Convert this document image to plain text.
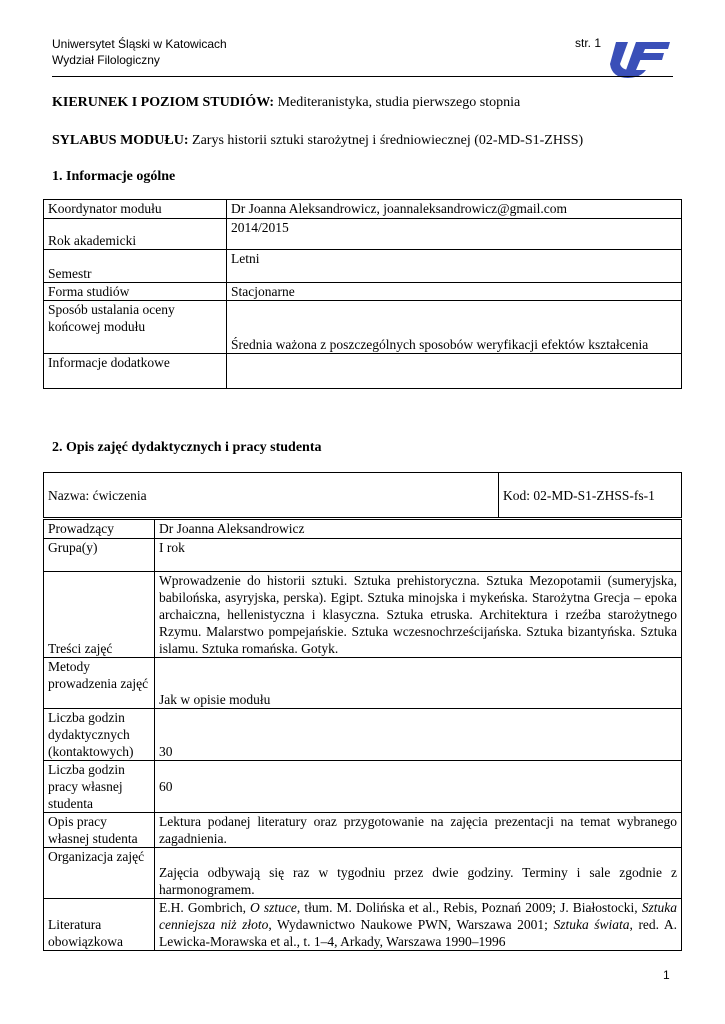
Uniwersytet Śląski w Katowicach
Wydział Filologiczny
str. 1
KIERUNEK I POZIOM STUDIÓW: Mediteranistyka, studia pierwszego stopnia
SYLABUS MODUŁU: Zarys historii sztuki starożytnej i średniowiecznej (02-MD-S1-ZHSS)
1. Informacje ogólne
Koordynator modułu	Dr Joanna Aleksandrowicz, joannaleksandrowicz@gmail.com
Rok akademicki	2014/2015
Semestr	Letni
Forma studiów	Stacjonarne
Sposób ustalania oceny końcowej modułu	Średnia ważona z poszczególnych sposobów weryfikacji efektów kształcenia
Informacje dodatkowe	
2. Opis zajęć dydaktycznych i pracy studenta
Nazwa: ćwiczenia	Kod: 02-MD-S1-ZHSS-fs-1
Prowadzący	Dr Joanna Aleksandrowicz
Grupa(y)	I rok
Treści zajęć	Wprowadzenie do historii sztuki. Sztuka prehistoryczna. Sztuka Mezopotamii (sumeryjska, babilońska, asyryjska, perska). Egipt. Sztuka minojska i mykeńska. Starożytna Grecja – epoka archaiczna, hellenistyczna i klasyczna. Sztuka etruska. Architektura i rzeźba starożytnego Rzymu. Malarstwo pompejańskie. Sztuka wczesnochrześcijańska. Sztuka bizantyńska. Sztuka islamu. Sztuka romańska. Gotyk.
Metody prowadzenia zajęć	Jak w opisie modułu
Liczba godzin dydaktycznych (kontaktowych)	30
Liczba godzin pracy własnej studenta	60
Opis pracy własnej studenta	Lektura podanej literatury oraz przygotowanie na zajęcia prezentacji na temat wybranego zagadnienia.
Organizacja zajęć	Zajęcia odbywają się raz w tygodniu przez dwie godziny. Terminy i sale zgodnie z harmonogramem.
Literatura obowiązkowa	E.H. Gombrich, O sztuce, tłum. M. Dolińska et al., Rebis, Poznań 2009; J. Białostocki, Sztuka cenniejsza niż złoto, Wydawnictwo Naukowe PWN, Warszawa 2001; Sztuka świata, red. A. Lewicka-Morawska et al., t. 1–4, Arkady, Warszawa 1990–1996
1
